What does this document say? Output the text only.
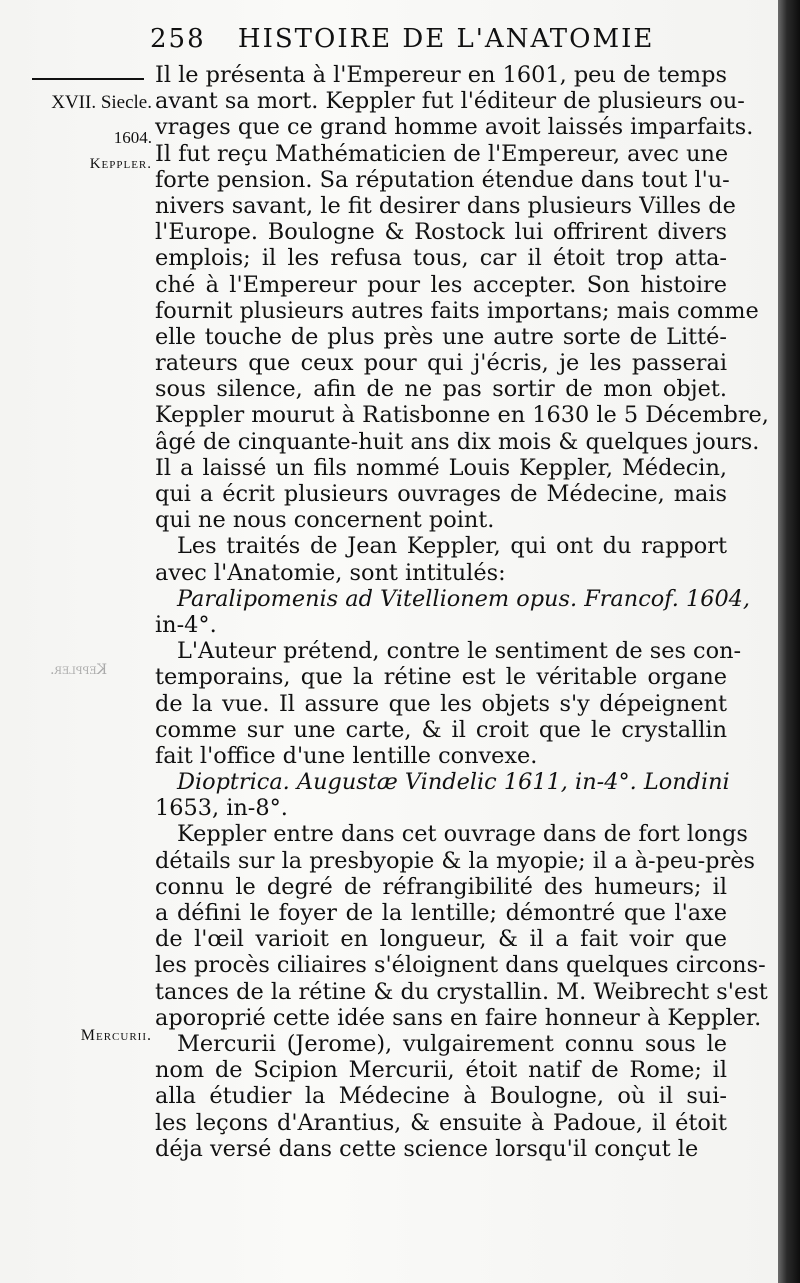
258 HISTOIRE DE L'ANATOMIE
XVII. Siecle.
1604.
Keppler.
Mercurii.
Keppler.
Il le présenta à l'Empereur en 1601, peu de temps
avant sa mort. Keppler fut l'éditeur de plusieurs ou-
vrages que ce grand homme avoit laissés imparfaits.
Il fut reçu Mathématicien de l'Empereur, avec une
forte pension. Sa réputation étendue dans tout l'u-
nivers savant, le fit desirer dans plusieurs Villes de
l'Europe. Boulogne & Rostock lui offrirent divers
emplois; il les refusa tous, car il étoit trop atta-
ché à l'Empereur pour les accepter. Son histoire
fournit plusieurs autres faits importans; mais comme
elle touche de plus près une autre sorte de Litté-
rateurs que ceux pour qui j'écris, je les passerai
sous silence, afin de ne pas sortir de mon objet.
Keppler mourut à Ratisbonne en 1630 le 5 Décembre,
âgé de cinquante-huit ans dix mois & quelques jours.
Il a laissé un fils nommé Louis Keppler, Médecin,
qui a écrit plusieurs ouvrages de Médecine, mais
qui ne nous concernent point.
Les traités de Jean Keppler, qui ont du rapport
avec l'Anatomie, sont intitulés:
Paralipomenis ad Vitellionem opus. Francof. 1604,
in-4°.
L'Auteur prétend, contre le sentiment de ses con-
temporains, que la rétine est le véritable organe
de la vue. Il assure que les objets s'y dépeignent
comme sur une carte, & il croit que le crystallin
fait l'office d'une lentille convexe.
Dioptrica. Augustæ Vindelic 1611, in-4°. Londini
1653, in-8°.
Keppler entre dans cet ouvrage dans de fort longs
détails sur la presbyopie & la myopie; il a à-peu-près
connu le degré de réfrangibilité des humeurs; il
a défini le foyer de la lentille; démontré que l'axe
de l'œil varioit en longueur, & il a fait voir que
les procès ciliaires s'éloignent dans quelques circons-
tances de la rétine & du crystallin. M. Weibrecht s'est
aporoprié cette idée sans en faire honneur à Keppler.
Mercurii (Jerome), vulgairement connu sous le
nom de Scipion Mercurii, étoit natif de Rome; il
alla étudier la Médecine à Boulogne, où il sui-
les leçons d'Arantius, & ensuite à Padoue, il étoit
déja versé dans cette science lorsqu'il conçut le
